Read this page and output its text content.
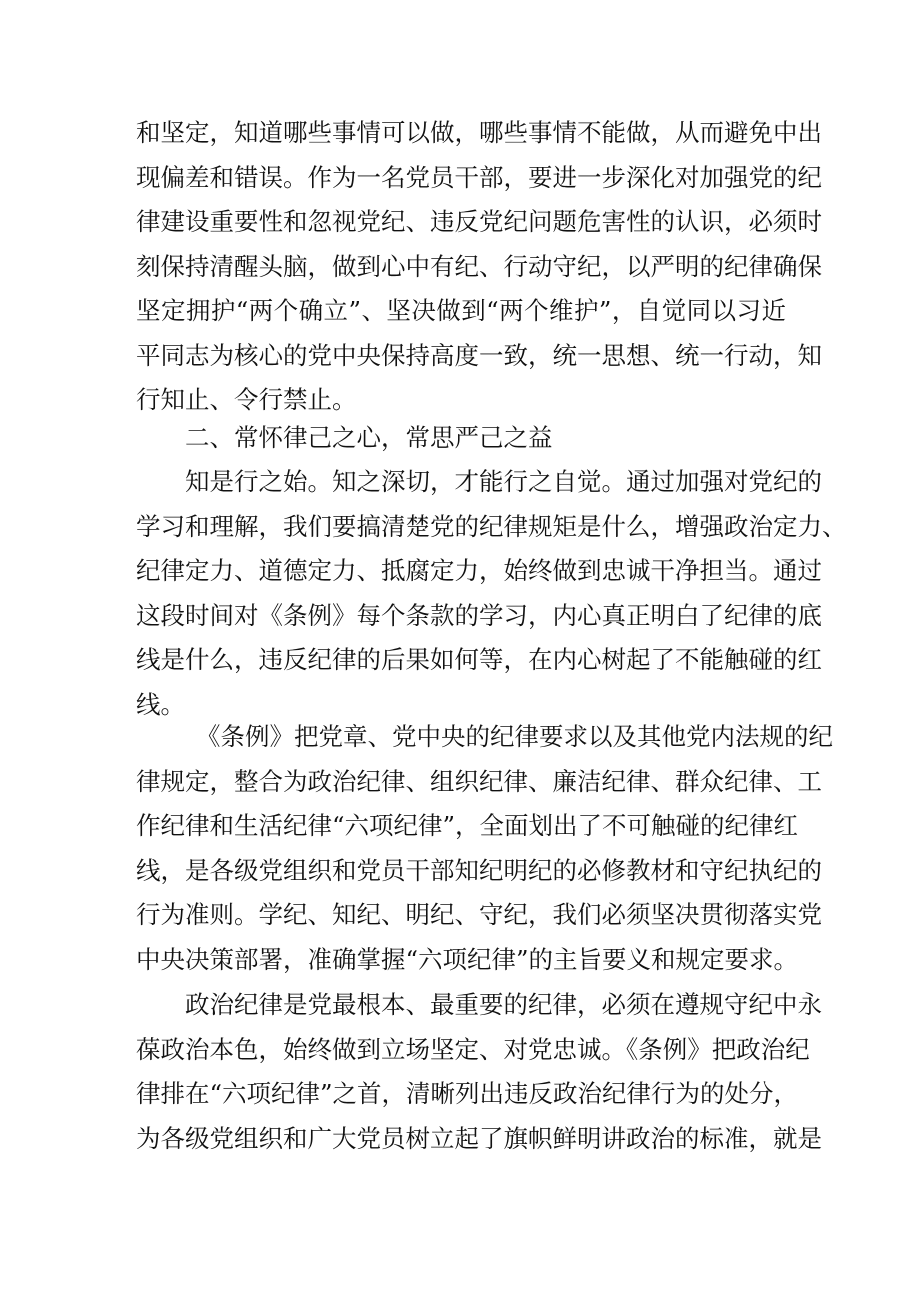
和坚定，知道哪些事情可以做，哪些事情不能做，从而避免中出
现偏差和错误。作为一名党员干部，要进一步深化对加强党的纪
律建设重要性和忽视党纪、违反党纪问题危害性的认识，必须时
刻保持清醒头脑，做到心中有纪、行动守纪，以严明的纪律确保
坚定拥护“两个确立”、坚决做到“两个维护”，自觉同以习近
平同志为核心的党中央保持高度一致，统一思想、统一行动，知
行知止、令行禁止。
二、常怀律己之心，常思严己之益
知是行之始。知之深切，才能行之自觉。通过加强对党纪的
学习和理解，我们要搞清楚党的纪律规矩是什么，增强政治定力、
纪律定力、道德定力、抵腐定力，始终做到忠诚干净担当。通过
这段时间对《条例》每个条款的学习，内心真正明白了纪律的底
线是什么，违反纪律的后果如何等，在内心树起了不能触碰的红
线。
《条例》把党章、党中央的纪律要求以及其他党内法规的纪
律规定，整合为政治纪律、组织纪律、廉洁纪律、群众纪律、工
作纪律和生活纪律“六项纪律”，全面划出了不可触碰的纪律红
线，是各级党组织和党员干部知纪明纪的必修教材和守纪执纪的
行为准则。学纪、知纪、明纪、守纪，我们必须坚决贯彻落实党
中央决策部署，准确掌握“六项纪律”的主旨要义和规定要求。
政治纪律是党最根本、最重要的纪律，必须在遵规守纪中永
葆政治本色，始终做到立场坚定、对党忠诚。《条例》把政治纪
律排在“六项纪律”之首，清晰列出违反政治纪律行为的处分，
为各级党组织和广大党员树立起了旗帜鲜明讲政治的标准，就是
